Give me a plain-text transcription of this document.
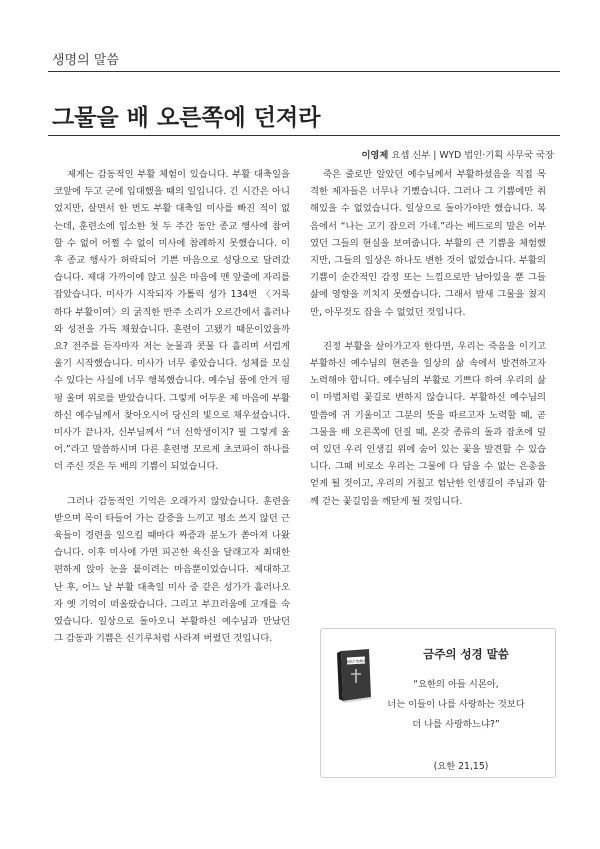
생명의 말씀
그물을 배 오른쪽에 던져라
이영제 요셉 신부 | WYD 법인·기획 사무국 국장

제게는 감동적인 부활 체험이 있습니다. 부활 대축일을 코앞에 두고 군에 입대했을 때의 일입니다. 긴 시간은 아니었지만, 살면서 한 번도 부활 대축일 미사를 빠진 적이 없는데, 훈련소에 입소한 첫 두 주간 동안 종교 행사에 참여할 수 없어 어쩔 수 없이 미사에 참례하지 못했습니다. 이후 종교 행사가 허락되어 기쁜 마음으로 성당으로 달려갔습니다. 제대 가까이에 앉고 싶은 마음에 맨 앞줄에 자리를 잡았습니다. 미사가 시작되자 가톨릭 성가 134번 〈거룩하다 부활이여〉의 굵직한 반주 소리가 오르간에서 흘러나와 성전을 가득 채웠습니다. 훈련이 고됐기 때문이었을까요? 전주를 듣자마자 저는 눈물과 콧물 다 흘리며 서럽게 울기 시작했습니다. 미사가 너무 좋았습니다. 성체를 모실 수 있다는 사실에 너무 행복했습니다. 예수님 품에 안겨 펑펑 울며 위로를 받았습니다. 그렇게 어두운 제 마음에 부활하신 예수님께서 찾아오시어 당신의 빛으로 채우셨습니다. 미사가 끝나자, 신부님께서 “너 신학생이지? 필 그렇게 울어.”라고 말씀하시며 다른 훈련병 모르게 초코파이 하나를 더 주신 것은 두 배의 기쁨이 되었습니다.

그러나 감동적인 기억은 오래가지 않았습니다. 훈련을 받으며 목이 타들어 가는 갈증을 느끼고 평소 쓰지 않던 근육들이 경련을 일으킬 때마다 짜증과 분노가 쏟아져 나왔습니다. 이후 미사에 가면 피곤한 육신을 달래고자 최대한 편하게 앉아 눈을 붙이려는 마음뿐이었습니다. 제대하고 난 후, 어느 날 부활 대축일 미사 중 같은 성가가 흘러나오자 옛 기억이 떠올랐습니다. 그리고 부끄러움에 고개를 숙였습니다. 일상으로 돌아오니 부활하신 예수님과 만났던 그 감동과 기쁨은 신기루처럼 사라져 버렸던 것입니다.

죽은 줄로만 알았던 예수님께서 부활하셨음을 직접 목격한 제자들은 너무나 기뻤습니다. 그러나 그 기쁨에만 취해있을 수 없었습니다. 일상으로 돌아가야만 했습니다. 복음에서 “나는 고기 잡으러 가네.”라는 베드로의 말은 어부였던 그들의 현실을 보여줍니다. 부활의 큰 기쁨을 체험했지만, 그들의 일상은 하나도 변한 것이 없었습니다. 부활의 기쁨이 순간적인 감정 또는 느낌으로만 남아있을 뿐 그들 삶에 영향을 끼치지 못했습니다. 그래서 밤새 그물을 쳤지만, 아무것도 잡을 수 없었던 것입니다.

진정 부활을 살아가고자 한다면, 우리는 죽음을 이기고 부활하신 예수님의 현존을 일상의 삶 속에서 발견하고자 노력해야 합니다. 예수님의 부활로 기쁘다 하여 우리의 삶이 마법처럼 꽃길로 변하지 않습니다. 부활하신 예수님의 말씀에 귀 기울이고 그분의 뜻을 따르고자 노력할 때, 곧 그물을 배 오른쪽에 던질 때, 온갖 종류의 돌과 잡초에 덮여 있던 우리 인생길 위에 숨어 있는 꽃을 발견할 수 있습니다. 그때 비로소 우리는 그물에 다 담을 수 없는 은총을 얻게 될 것이고, 우리의 거칠고 험난한 인생길이 주님과 함께 걷는 꽃길임을 깨닫게 될 것입니다.

HOLY BIBLE
금주의 성경 말씀
“요한의 아들 시몬아,
너는 이들이 나를 사랑하는 것보다
더 나를 사랑하느냐?”
(요한 21,15)
